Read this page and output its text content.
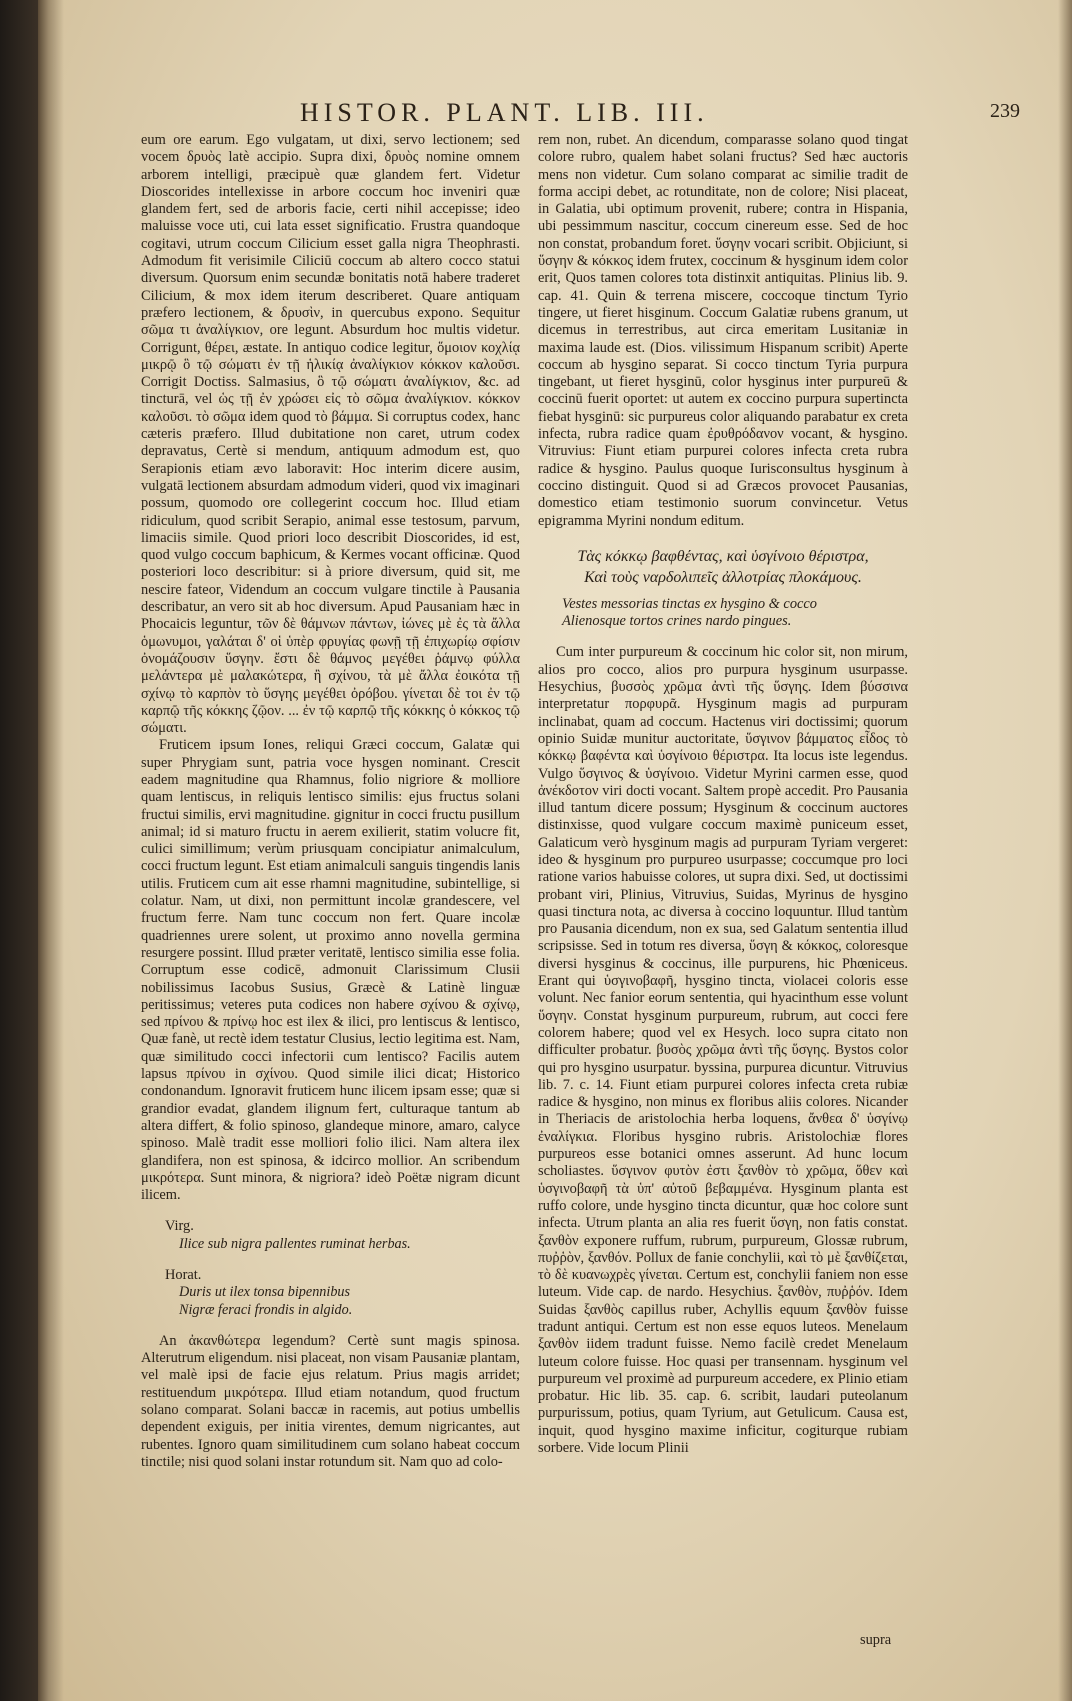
HISTOR. PLANT. LIB. III.	239

eum ore earum. Ego vulgatam, ut dixi, servo lectionem; sed vocem δρυὸς latè accipio. Supra dixi, δρυὸς nomine omnem arborem intelligi, præcipuè quæ glandem fert. Videtur Dioscorides intellexisse in arbore coccum hoc inveniri quæ glandem fert, sed de arboris facie, certi nihil accepisse; ideo maluisse voce uti, cui lata esset significatio. Frustra quandoque cogitavi, utrum coccum Cilicium esset galla nigra Theophrasti. Admodum fit verisimile Ciliciū coccum ab altero cocco statui diversum. Quorsum enim secundæ bonitatis notā habere traderet Cilicium, & mox idem iterum describeret. Quare antiquam præfero lectionem, & δρυσὶν, in quercubus expono. Sequitur σῶμα τι ἀναλίγκιον, ore legunt. Absurdum hoc multis videtur. Corrigunt, θέρει, æstate. In antiquo codice legitur, ὅμοιον κοχλίᾳ μικρῷ ὃ τῷ σώματι ἐν τῇ ἡλικίᾳ ἀναλίγκιον κόκκον καλοῦσι. Corrigit Doctiss. Salmasius, ὃ τῷ σώματι ἀναλίγκιον, &c. ad tincturā, vel ὡς τῇ ἐν χρώσει εἰς τὸ σῶμα ἀναλίγκιον. κόκκον καλοῦσι. τὸ σῶμα idem quod τὸ βάμμα. Si corruptus codex, hanc cæteris præfero. Illud dubitatione non caret, utrum codex depravatus, Certè si mendum, antiquum admodum est, quo Serapionis etiam ævo laboravit: Hoc interim dicere ausim, vulgatā lectionem absurdam admodum videri, quod vix imaginari possum, quomodo ore collegerint coccum hoc. Illud etiam ridiculum, quod scribit Serapio, animal esse testosum, parvum, limaciis simile. Quod priori loco describit Dioscorides, id est, quod vulgo coccum baphicum, & Kermes vocant officinæ. Quod posteriori loco describitur: si à priore diversum, quid sit, me nescire fateor, Videndum an coccum vulgare tinctile à Pausania describatur, an vero sit ab hoc diversum. Apud Pausaniam hæc in Phocaicis leguntur, τῶν δὲ θάμνων πάντων, ἰώνες μὲ ἐς τὰ ἄλλα ὁμωνυμοι, γαλάται δ' οἱ ὑπὲρ φρυγίας φωνῇ τῇ ἐπιχωρίῳ σφίσιν ὀνομάζουσιν ὕσγην. ἔστι δὲ θάμνος μεγέθει ῥάμνῳ φύλλα μελάντερα μὲ μαλακώτερα, ἢ σχίνου, τὰ μὲ ἄλλα ἐοικότα τῇ σχίνῳ τὸ καρπὸν τὸ ὕσγης μεγέθει ὀρόβου. γίνεται δὲ τοι ἐν τῷ καρπῷ τῆς κόκκης ζῷον. ... ἐν τῷ καρπῷ τῆς κόκκης ὁ κόκκος τῷ σώματι.

Fruticem ipsum Iones, reliqui Græci coccum, Galatæ qui super Phrygiam sunt, patria voce hysgen nominant. Crescit eadem magnitudine qua Rhamnus, folio nigriore & molliore quam lentiscus, in reliquis lentisco similis: ejus fructus solani fructui similis, ervi magnitudine. gignitur in cocci fructu pusillum animal; id si maturo fructu in aerem exilierit, statim volucre fit, culici simillimum; verùm priusquam concipiatur animalculum, cocci fructum legunt. Est etiam animalculi sanguis tingendis lanis utilis. Fruticem cum ait esse rhamni magnitudine, subintellige, si colatur. Nam, ut dixi, non permittunt incolæ grandescere, vel fructum ferre. Nam tunc coccum non fert. Quare incolæ quadriennes urere solent, ut proximo anno novella germina resurgere possint. Illud præter veritatē, lentisco similia esse folia. Corruptum esse codicē, admonuit Clarissimum Clusii nobilissimus Iacobus Susius, Græcè & Latinè linguæ peritissimus; veteres puta codices non habere σχίνου & σχίνῳ, sed πρίνου & πρίνῳ hoc est ilex & ilici, pro lentiscus & lentisco, Quæ fanè, ut rectè idem testatur Clusius, lectio legitima est. Nam, quæ similitudo cocci infectorii cum lentisco? Facilis autem lapsus πρίνου in σχίνου. Quod simile ilici dicat; Historico condonandum. Ignoravit fruticem hunc ilicem ipsam esse; quæ si grandior evadat, glandem ilignum fert, culturaque tantum ab altera differt, & folio spinoso, glandeque minore, amaro, calyce spinoso. Malè tradit esse molliori folio ilici. Nam altera ilex glandifera, non est spinosa, & idcirco mollior. An scribendum μικρότερα. Sunt minora, & nigriora? ideò Poëtæ nigram dicunt ilicem.

Virg.
Ilice sub nigra pallentes ruminat herbas.
Horat.
Duris ut ilex tonsa bipennibus
Nigræ feraci frondis in algido.

An ἀκανθώτερα legendum? Certè sunt magis spinosa. Alterutrum eligendum. nisi placeat, non visam Pausaniæ plantam, vel malè ipsi de facie ejus relatum. Prius magis arridet; restituendum μικρότερα. Illud etiam notandum, quod fructum solano comparat. Solani baccæ in racemis, aut potius umbellis dependent exiguis, per initia virentes, demum nigricantes, aut rubentes. Ignoro quam similitudinem cum solano habeat coccum tinctile; nisi quod solani instar rotundum sit. Nam quo ad colo-

rem non, rubet. An dicendum, comparasse solano quod tingat colore rubro, qualem habet solani fructus? Sed hæc auctoris mens non videtur. Cum solano comparat ac similie tradit de forma accipi debet, ac rotunditate, non de colore; Nisi placeat, in Galatia, ubi optimum provenit, rubere; contra in Hispania, ubi pessimmum nascitur, coccum cinereum esse. Sed de hoc non constat, probandum foret. ὕσγην vocari scribit. Objiciunt, si ὕσγην & κόκκος idem frutex, coccinum & hysginum idem color erit, Quos tamen colores tota distinxit antiquitas. Plinius lib. 9. cap. 41. Quin & terrena miscere, coccoque tinctum Tyrio tingere, ut fieret hisginum. Coccum Galatiæ rubens granum, ut dicemus in terrestribus, aut circa emeritam Lusitaniæ in maxima laude est. (Dios. vilissimum Hispanum scribit) Aperte coccum ab hysgino separat. Si cocco tinctum Tyria purpura tingebant, ut fieret hysginū, color hysginus inter purpureū & coccinū fuerit oportet: ut autem ex coccino purpura supertincta fiebat hysginū: sic purpureus color aliquando parabatur ex creta infecta, rubra radice quam ἐρυθρόδανον vocant, & hysgino. Vitruvius: Fiunt etiam purpurei colores infecta creta rubra radice & hysgino. Paulus quoque Iurisconsultus hysginum à coccino distinguit. Quod si ad Græcos provocet Pausanias, domestico etiam testimonio suorum convincetur. Vetus epigramma Myrini nondum editum.

Τὰς κόκκῳ βαφθέντας, καὶ ὑσγίνοιο θέριστρα,
Καὶ τοὺς ναρδολιπεῖς ἀλλοτρίας πλοκάμους.
Vestes messorias tinctas ex hysgino & cocco
Alienosque tortos crines nardo pingues.

Cum inter purpureum & coccinum hic color sit, non mirum, alios pro cocco, alios pro purpura hysginum usurpasse. Hesychius, βυσσὸς χρῶμα ἀντὶ τῆς ὕσγης. Idem βύσσινα interpretatur πορφυρᾶ. Hysginum magis ad purpuram inclinabat, quam ad coccum. Hactenus viri doctissimi; quorum opinio Suidæ munitur auctoritate, ὕσγινον βάμματος εἶδος τὸ κόκκῳ βαφέντα καὶ ὑσγίνοιο θέριστρα. Ita locus iste legendus. Vulgo ὕσγινος & ὑσγίνοιο. Videtur Myrini carmen esse, quod ἀνέκδοτον viri docti vocant. Saltem propè accedit. Pro Pausania illud tantum dicere possum; Hysginum & coccinum auctores distinxisse, quod vulgare coccum maximè puniceum esset, Galaticum verò hysginum magis ad purpuram Tyriam vergeret: ideo & hysginum pro purpureo usurpasse; coccumque pro loci ratione varios habuisse colores, ut supra dixi. Sed, ut doctissimi probant viri, Plinius, Vitruvius, Suidas, Myrinus de hysgino quasi tinctura nota, ac diversa à coccino loquuntur. Illud tantùm pro Pausania dicendum, non ex sua, sed Galatum sententia illud scripsisse. Sed in totum res diversa, ὕσγη & κόκκος, coloresque diversi hysginus & coccinus, ille purpurens, hic Phœniceus. Erant qui ὑσγινοβαφῆ, hysgino tincta, violacei coloris esse volunt. Nec fanior eorum sententia, qui hyacinthum esse volunt ὕσγην. Constat hysginum purpureum, rubrum, aut cocci fere colorem habere; quod vel ex Hesych. loco supra citato non difficulter probatur. βυσὸς χρῶμα ἀντὶ τῆς ὕσγης. Bystos color qui pro hysgino usurpatur. byssina, purpurea dicuntur. Vitruvius lib. 7. c. 14. Fiunt etiam purpurei colores infecta creta rubiæ radice & hysgino, non minus ex floribus aliis colores. Nicander in Theriacis de aristolochia herba loquens, ἄνθεα δ' ὑσγίνῳ ἐναλίγκια. Floribus hysgino rubris. Aristolochiæ flores purpureos esse botanici omnes asserunt. Ad hunc locum scholiastes. ὕσγινον φυτὸν ἐστι ξανθὸν τὸ χρῶμα, ὅθεν καὶ ὑσγινοβαφῆ τὰ ὑπ' αὐτοῦ βεβαμμένα. Hysginum planta est ruffo colore, unde hysgino tincta dicuntur, quæ hoc colore sunt infecta. Utrum planta an alia res fuerit ὕσγη, non fatis constat. ξανθὸν exponere ruffum, rubrum, purpureum, Glossæ rubrum, πυῤῥὸν, ξανθόν. Pollux de fanie conchylii, καὶ τὸ μὲ ξανθίζεται, τὸ δὲ κυανωχρὲς γίνεται. Certum est, conchylii faniem non esse luteum. Vide cap. de nardo. Hesychius. ξανθὸν, πυῤῥόν. Idem Suidas ξανθὸς capillus ruber, Achyllis equum ξανθὸν fuisse tradunt antiqui. Certum est non esse equos luteos. Menelaum ξανθὸν iidem tradunt fuisse. Nemo facilè credet Menelaum luteum colore fuisse. Hoc quasi per transennam. hysginum vel purpureum vel proximè ad purpureum accedere, ex Plinio etiam probatur. Hic lib. 35. cap. 6. scribit, laudari puteolanum purpurissum, potius, quam Tyrium, aut Getulicum. Causa est, inquit, quod hysgino maxime inficitur, cogiturque rubiam sorbere. Vide locum Plinii

supra
